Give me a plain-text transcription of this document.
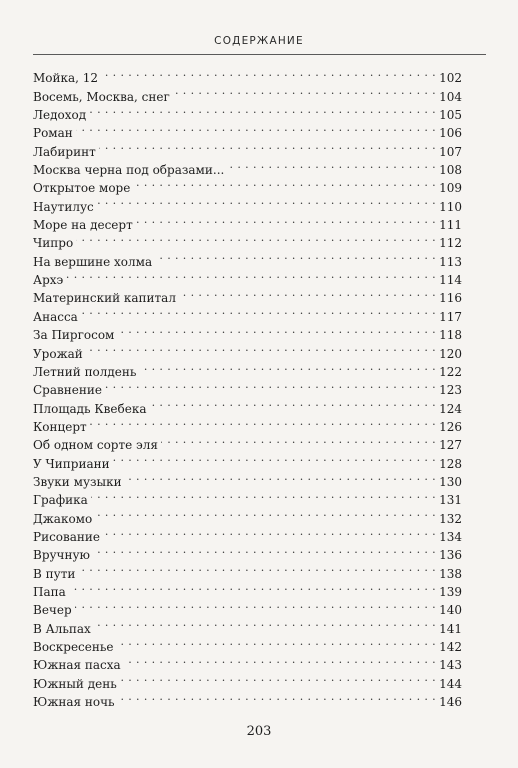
СОДЕРЖАНИЕ
Мойка, 12 . . .	102
Восемь, Москва, снег . . .	104
Ледоход . . .	105
Роман . . .	106
Лабиринт . . .	107
Москва черна под образами... . . .	108
Открытое море . . .	109
Наутилус . . .	110
Море на десерт . . .	111
Чипро . . .	112
На вершине холма . . .	113
Архэ . . .	114
Материнский капитал . . .	116
Анасса . . .	117
За Пиргосом . . .	118
Урожай . . .	120
Летний полдень . . .	122
Сравнение . . .	123
Площадь Квебека . . .	124
Концерт . . .	126
Об одном сорте эля . . .	127
У Чиприани . . .	128
Звуки музыки . . .	130
Графика . . .	131
Джакомо . . .	132
Рисование . . .	134
Вручную . . .	136
В пути . . .	138
Папа . . .	139
Вечер . . .	140
В Альпах . . .	141
Воскресенье . . .	142
Южная пасха . . .	143
Южный день . . .	144
Южная ночь . . .	146
203
